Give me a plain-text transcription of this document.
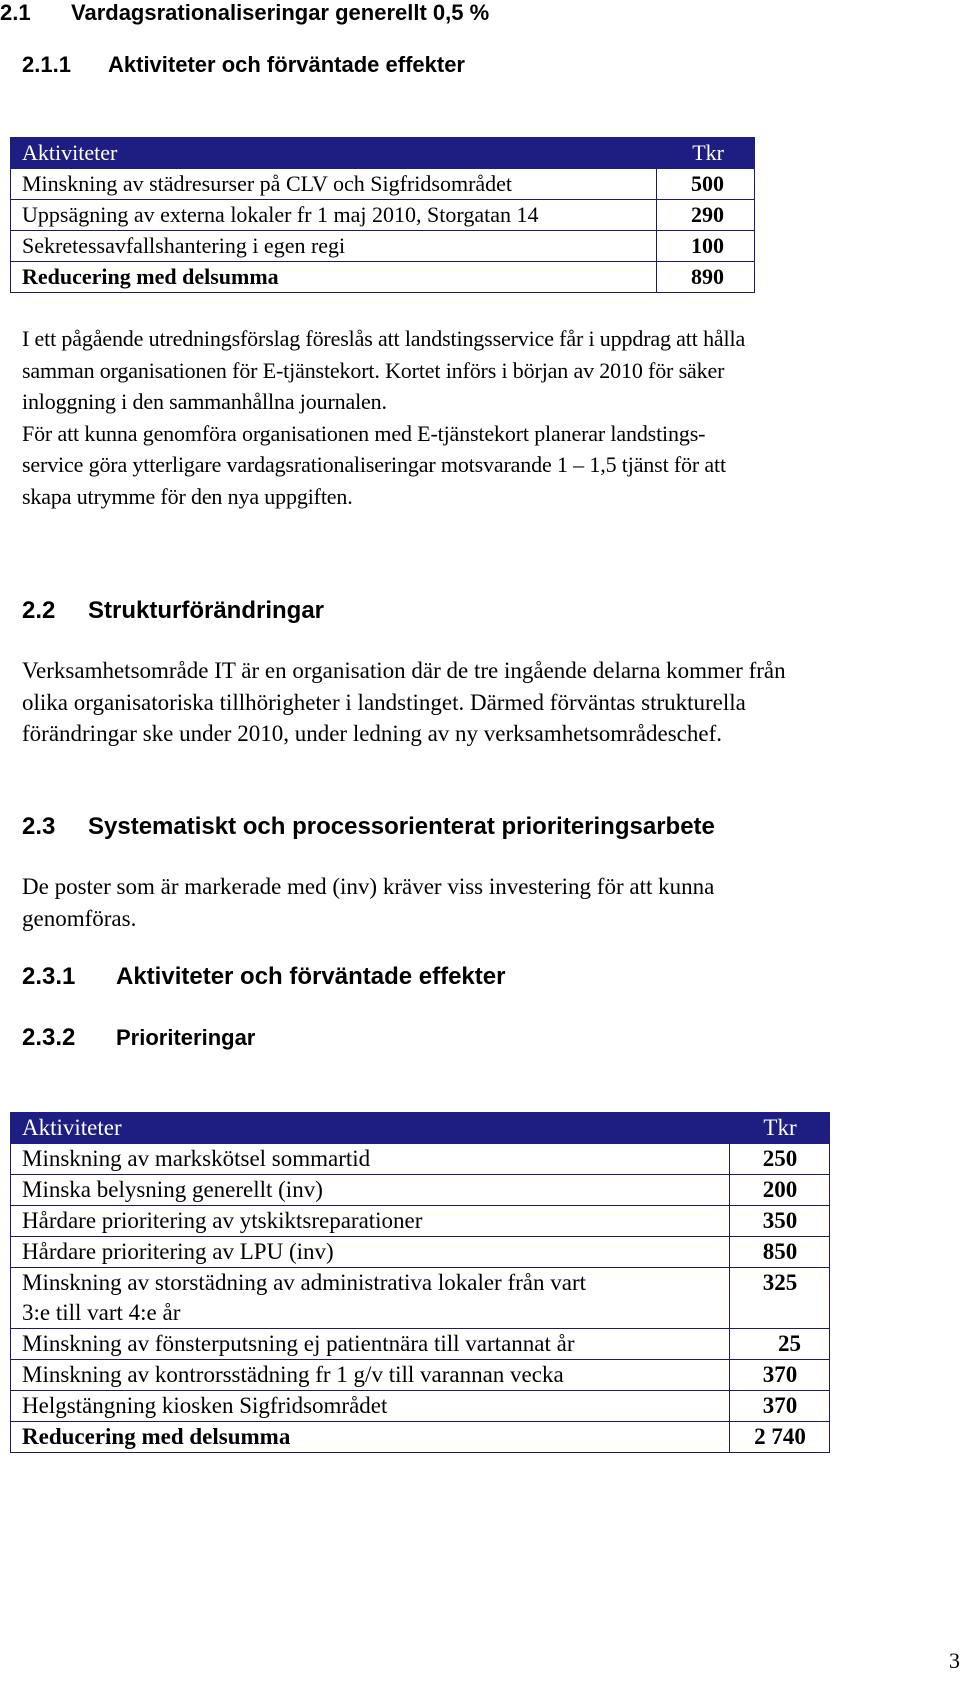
2.1 Vardagsrationaliseringar generellt 0,5 %
2.1.1 Aktiviteter och förväntade effekter
Aktiviteter	Tkr
Minskning av städresurser på CLV och Sigfridsområdet	500
Uppsägning av externa lokaler fr 1 maj 2010, Storgatan 14	290
Sekretessavfallshantering i egen regi	100
Reducering med delsumma	890
I ett pågående utredningsförslag föreslås att landstingsservice får i uppdrag att hålla
samman organisationen för E-tjänstekort. Kortet införs i början av 2010 för säker
inloggning i den sammanhållna journalen.
För att kunna genomföra organisationen med E-tjänstekort planerar landstings-
service göra ytterligare vardagsrationaliseringar motsvarande 1 – 1,5 tjänst för att
skapa utrymme för den nya uppgiften.
2.2 Strukturförändringar
Verksamhetsområde IT är en organisation där de tre ingående delarna kommer från
olika organisatoriska tillhörigheter i landstinget. Därmed förväntas strukturella
förändringar ske under 2010, under ledning av ny verksamhetsområdeschef.
2.3 Systematiskt och processorienterat prioriteringsarbete
De poster som är markerade med (inv) kräver viss investering för att kunna
genomföras.
2.3.1 Aktiviteter och förväntade effekter
2.3.2 Prioriteringar
Aktiviteter	Tkr
Minskning av markskötsel sommartid	250
Minska belysning generellt (inv)	200
Hårdare prioritering av ytskiktsreparationer	350
Hårdare prioritering av LPU (inv)	850
Minskning av storstädning av administrativa lokaler från vart	325
3:e till vart 4:e år	
Minskning av fönsterputsning ej patientnära till vartannat år	25
Minskning av kontrorsstädning fr 1 g/v till varannan vecka	370
Helgstängning kiosken Sigfridsområdet	370
Reducering med delsumma	2 740
3
